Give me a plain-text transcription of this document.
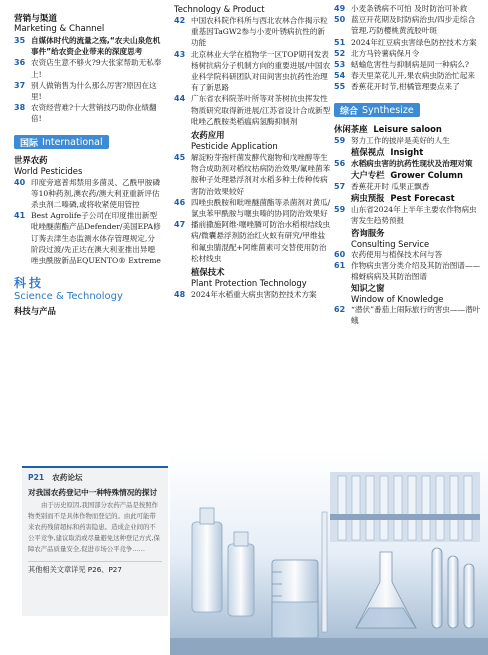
营销与渠道
Marketing & Channel
35 自媒体时代的流量之殇,“农夫山泉危机事件”给农资企业带来的深度思考
36 农资店生意不够火?9大张家帮助无私奉上!
37 别人做销售为什么那么厉害?原因在这里!
38 农资经营难?十大营销技巧助你业绩翻倍!
国际 International
世界农药
World Pesticides
40 印度旁遮普邦禁用多菌灵、乙酰甲胺磷等10种药剂,澳农药/澳大利亚重新评估杀虫剂二嗪磷,或将收紧使用管控
41 Best Agrolife子公司在印度推出新型吡唑醚菌酯产品Defender/美国EPA修订莠去津生态监测水体存管理规定,分阶段过渡/先正达在澳大利亚推出异噁唑虫酰胺新品EQUENTO® Extreme
科技
Science & Technology
科技与产品
Technology & Product
42 中国农科院作科所与西北农林合作揭示粒重基因TaGW2参与小麦叶锈病抗性的新功能
43 北京林业大学在植物学一区TOP期刊发表杨树抗病分子机制方向的重要进展/中国农业科学院科研团队对田间害虫抗药性治理有了新思路
44 广东省农科院茶叶所等对茶树抗虫挥发性物质研究取得新进展/江苏省设计合成新型吡唑乙酰胺类稻瘟病氢酶抑制剂
农药应用
Pesticide Application
45 解淀粉芽孢杆菌发酵代谢物和戊唑醇等生物合成助剂对稻纹枯病防治效果/氟唑菌苯胺种子处理悬浮剂对水稻多种土传种传病害防治效果较好
46 四唑虫酰胺和吡唑醚菌酯等杀菌剂对黄瓜/氯虫苯甲酰胺与噻虫嗪的协同防治效果好
47 播前撒施阿维·噻唑膦可防治水稻根结线虫病/微囊悬浮剂防治红火蚁有研究/甲维盐和氟虫腈混配+阿维菌素可交替使用防治松材线虫
植保技术
Plant Protection Technology
48 2024年水稻重大病虫害防控技术方案
49 小麦条锈病不可怕 及时防治可补救
50 蓝豆开花期及时防病治虫/四步走综合管理,巧防樱桃黄流胶叶斑
51 2024年红豆病虫害绿色防控技术方案
52 北方马铃薯病保月令
53 蛞蝓危害性与抑制病是同一种病么?
54 春天里菜花儿开,果农病虫防治忙起来
55 香蕉花开时节,柑橘管理要点来了
综合 Synthesize
休闲茶座 Leisure saloon
59 努力工作的披岸是美好的人生
植保视点 Insight
56 水稻病虫害的抗药性现状及治理对策
大户专栏 Grower Column
57 香蕉花开时 瓜果正飘香
病虫预报 Pest Forecast
59 山东省2024年上半年主要农作物病虫害发生趋势预报
咨询服务
Consulting Service
60 农药使用与植保技术问与答
61 作物病虫害分类介绍及其防治图谱——棉蚜病病及其防治图谱
知识之窗
Window of Knowledge
62 “潜伏”番茄上闹际旅行的害虫——潜叶蛾
P21 农药论坛
对我国农药登记中一种特殊情况的探讨
由于历史原因,我国部分农药产品是按照作物类别而不是具体作物而登记的。由此可能带来农药残留超标和药害隐患。造成企业间的不公平竞争,建议取消或尽量避免这种登记方式,保障农产品质量安全,促进市场公平竞争……
其他相关文章详见 P26、P27
